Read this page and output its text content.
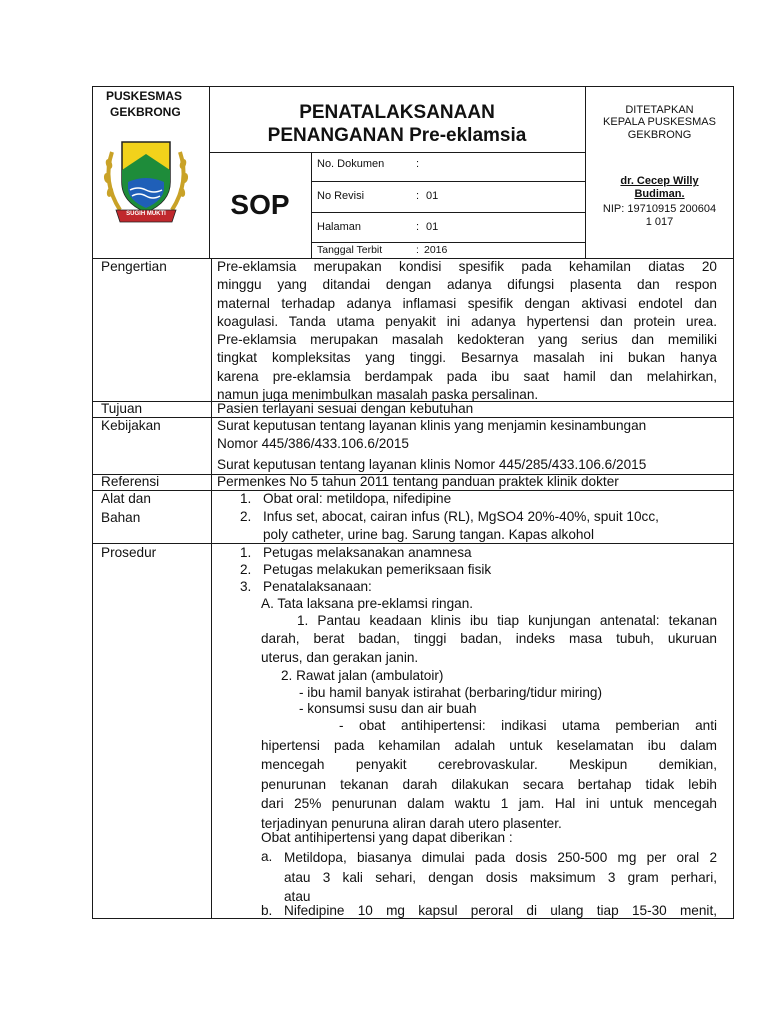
PUSKESMAS
GEKBRONG
SUGIH MUKTI
PENATALAKSANAAN
PENANGANAN Pre-eklamsia
SOP
No. Dokumen	:
No Revisi	: 01
Halaman	: 01
Tanggal Terbit	: 2016
DITETAPKAN
KEPALA PUSKESMAS
GEKBRONG
dr. Cecep Willy
Budiman.
NIP: 19710915 200604
1 017
Pengertian	Pre-eklamsia merupakan kondisi spesifik pada kehamilan diatas 20
minggu yang ditandai dengan adanya difungsi plasenta dan respon
maternal terhadap adanya inflamasi spesifik dengan aktivasi endotel dan
koagulasi. Tanda utama penyakit ini adanya hypertensi dan protein urea.
Pre-eklamsia merupakan masalah kedokteran yang serius dan memiliki
tingkat kompleksitas yang tinggi. Besarnya masalah ini bukan hanya
karena pre-eklamsia berdampak pada ibu saat hamil dan melahirkan,
namun juga menimbulkan masalah paska persalinan.
Tujuan	Pasien terlayani sesuai dengan kebutuhan
Kebijakan	Surat keputusan tentang layanan klinis yang menjamin kesinambungan
Nomor 445/386/433.106.6/2015
Surat keputusan tentang layanan klinis Nomor 445/285/433.106.6/2015
Referensi	Permenkes No 5 tahun 2011 tentang panduan praktek klinik dokter
Alat dan
Bahan
1. Obat oral: metildopa, nifedipine
2. Infus set, abocat, cairan infus (RL), MgSO4 20%-40%, spuit 10cc,
poly catheter, urine bag. Sarung tangan. Kapas alkohol
Prosedur	1. Petugas melaksanakan anamnesa
2. Petugas melakukan pemeriksaan fisik
3. Penatalaksanaan:
A. Tata laksana pre-eklamsi ringan.
1. Pantau keadaan klinis ibu tiap kunjungan antenatal: tekanan
darah, berat badan, tinggi badan, indeks masa tubuh, ukuruan
uterus, dan gerakan janin.
2. Rawat jalan (ambulatoir)
- ibu hamil banyak istirahat (berbaring/tidur miring)
- konsumsi susu dan air buah
- obat antihipertensi: indikasi utama pemberian anti
hipertensi pada kehamilan adalah untuk keselamatan ibu dalam
mencegah penyakit cerebrovaskular. Meskipun demikian,
penurunan tekanan darah dilakukan secara bertahap tidak lebih
dari 25% penurunan dalam waktu 1 jam. Hal ini untuk mencegah
terjadinyan penuruna aliran darah utero plasenter.
Obat antihipertensi yang dapat diberikan :
a. Metildopa, biasanya dimulai pada dosis 250-500 mg per oral 2
atau 3 kali sehari, dengan dosis maksimum 3 gram perhari,
atau
b. Nifedipine 10 mg kapsul peroral di ulang tiap 15-30 menit,
